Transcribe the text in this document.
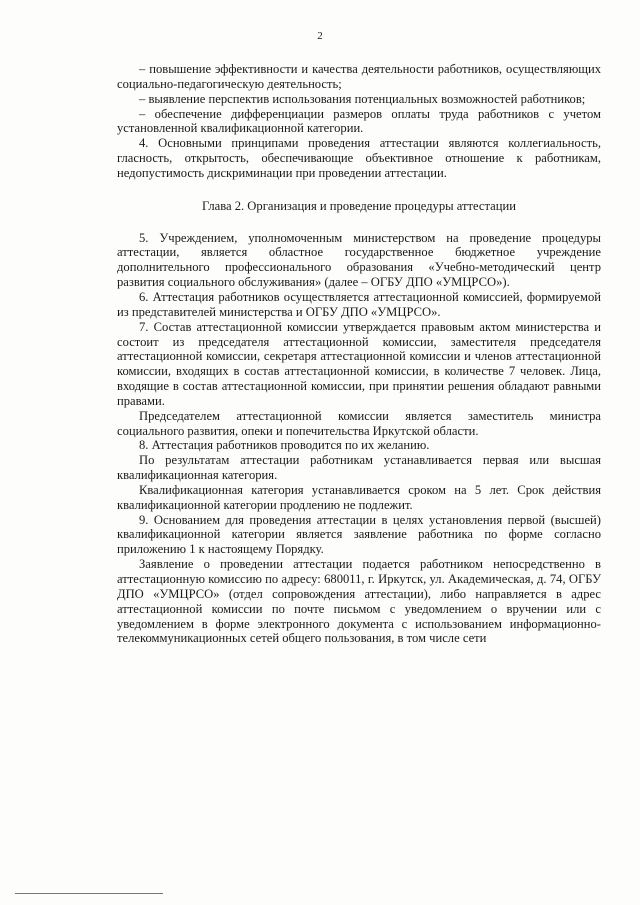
2

– повышение эффективности и качества деятельности работников, осуществляющих социально-педагогическую деятельность;

– выявление перспектив использования потенциальных возможностей работников;

– обеспечение дифференциации размеров оплаты труда работников с учетом установленной квалификационной категории.

4. Основными принципами проведения аттестации являются коллегиальность, гласность, открытость, обеспечивающие объективное отношение к работникам, недопустимость дискриминации при проведении аттестации.

Глава 2. Организация и проведение процедуры аттестации

5. Учреждением, уполномоченным министерством на проведение процедуры аттестации, является областное государственное бюджетное учреждение дополнительного профессионального образования «Учебно-методический центр развития социального обслуживания» (далее – ОГБУ ДПО «УМЦРСО»).

6. Аттестация работников осуществляется аттестационной комиссией, формируемой из представителей министерства и ОГБУ ДПО «УМЦРСО».

7. Состав аттестационной комиссии утверждается правовым актом министерства и состоит из председателя аттестационной комиссии, заместителя председателя аттестационной комиссии, секретаря аттестационной комиссии и членов аттестационной комиссии, входящих в состав аттестационной комиссии, в количестве 7 человек. Лица, входящие в состав аттестационной комиссии, при принятии решения обладают равными правами.

Председателем аттестационной комиссии является заместитель министра социального развития, опеки и попечительства Иркутской области.

8. Аттестация работников проводится по их желанию.

По результатам аттестации работникам устанавливается первая или высшая квалификационная категория.

Квалификационная категория устанавливается сроком на 5 лет. Срок действия квалификационной категории продлению не подлежит.

9. Основанием для проведения аттестации в целях установления первой (высшей) квалификационной категории является заявление работника по форме согласно приложению 1 к настоящему Порядку.

Заявление о проведении аттестации подается работником непосредственно в аттестационную комиссию по адресу: 680011, г. Иркутск, ул. Академическая, д. 74, ОГБУ ДПО «УМЦРСО» (отдел сопровождения аттестации), либо направляется в адрес аттестационной комиссии по почте письмом с уведомлением о вручении или с уведомлением в форме электронного документа с использованием информационно-телекоммуникационных сетей общего пользования, в том числе сети
